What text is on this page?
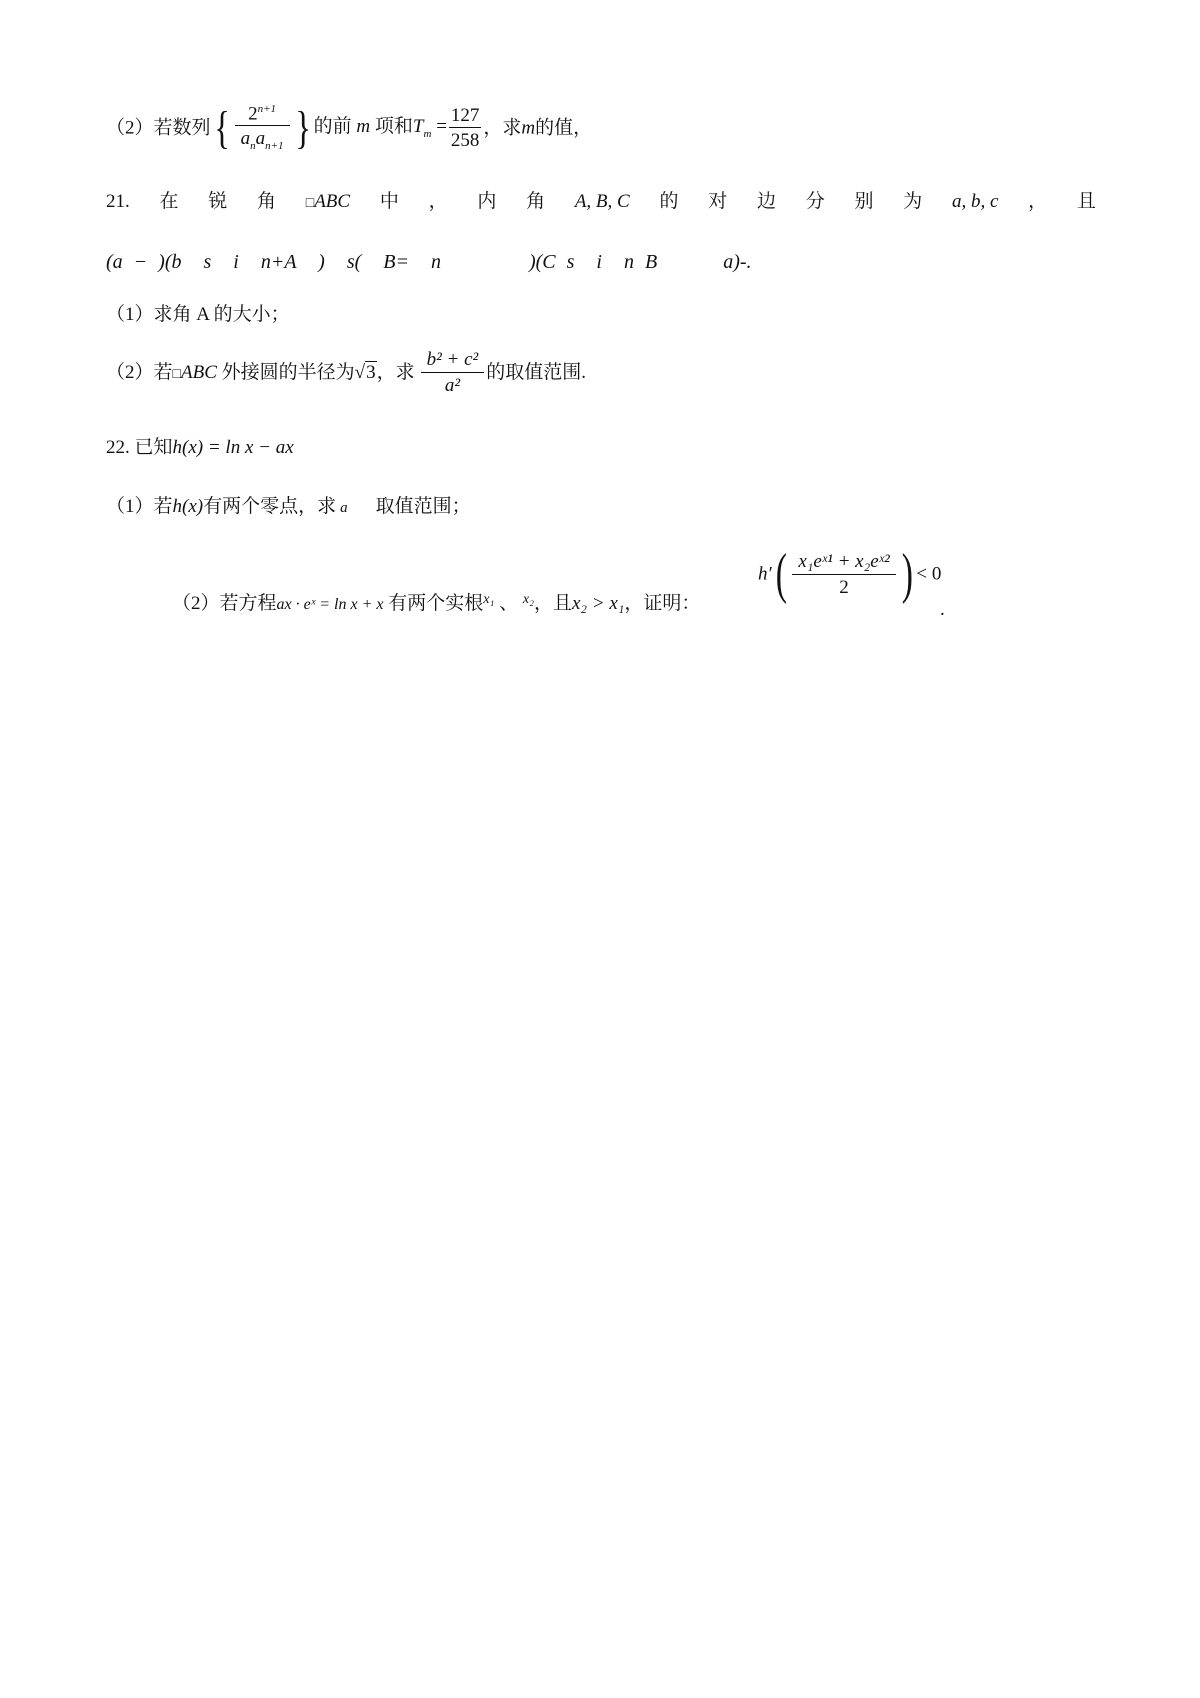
（2）若数列{ $\frac{2^{n+1}}{a_na_{n+1}}$ } 的前 m 项和$T_m = \frac{127}{258}$ ，求m的值，
21. 在 锐 角 □ABC 中 ， 内 角 A, B, C 的 对 边 分 别 为 a, b, c ， 且
(a − )(b  s  i  n+A  )  s(  B=  n        )(C s  i  n B      a)-.
（1）求角 A 的大小；
（2）若□ABC 外接圆的半径为√3，求 $\frac{\text{b² + c²}}{\text{a²}}$ 的取值范围.
22. 已知h(x) = ln x − ax
（1）若h(x)有两个零点，求 a 取值范围；
（2）若方程ax · eˣ = ln x + x 有两个实根$^{x_1}$ 、 $^{x_2}$，且x₂ > x₁，证明：
$h'( \frac{\text{x₁eˣ¹ + x₂eˣ²}}{2}$ ) < 0
.
